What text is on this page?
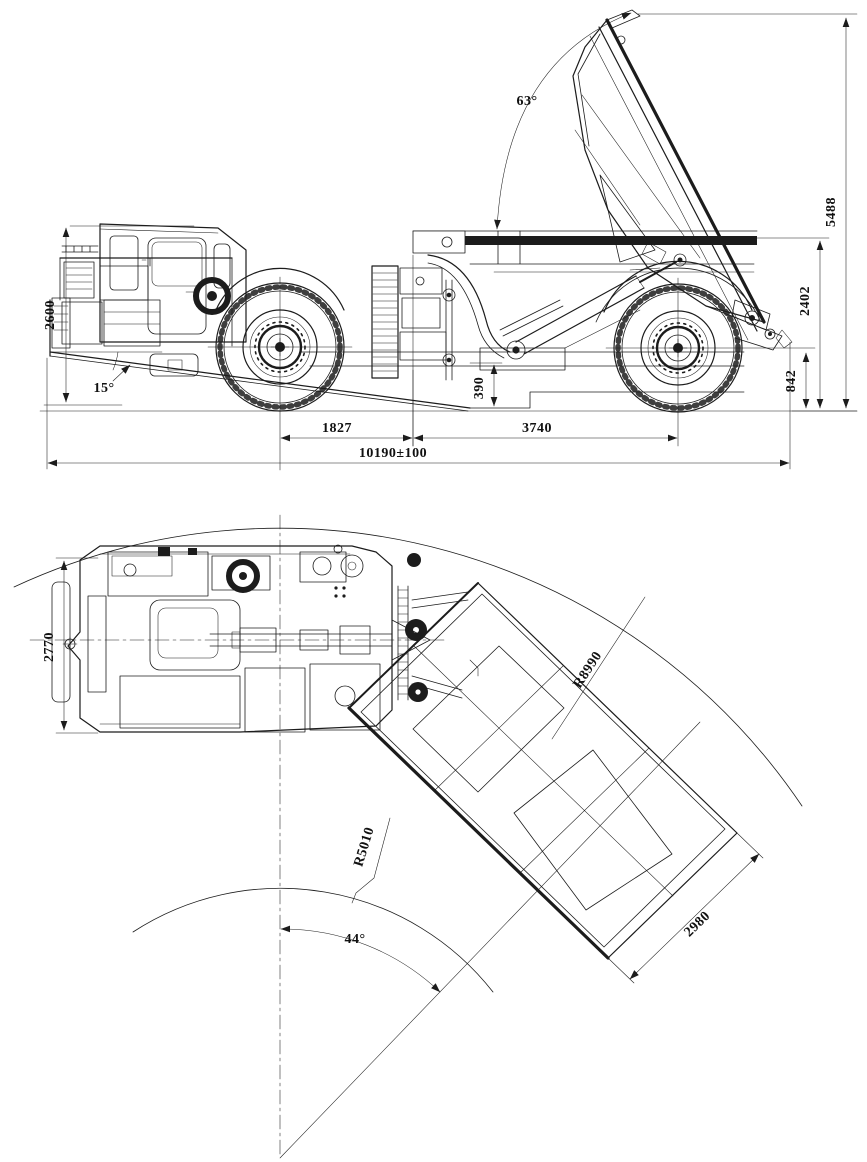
2600
5488
2402
842
390
1827	3740
10190±100
63°
15°
2770
2980
R8990
R5010
44°
